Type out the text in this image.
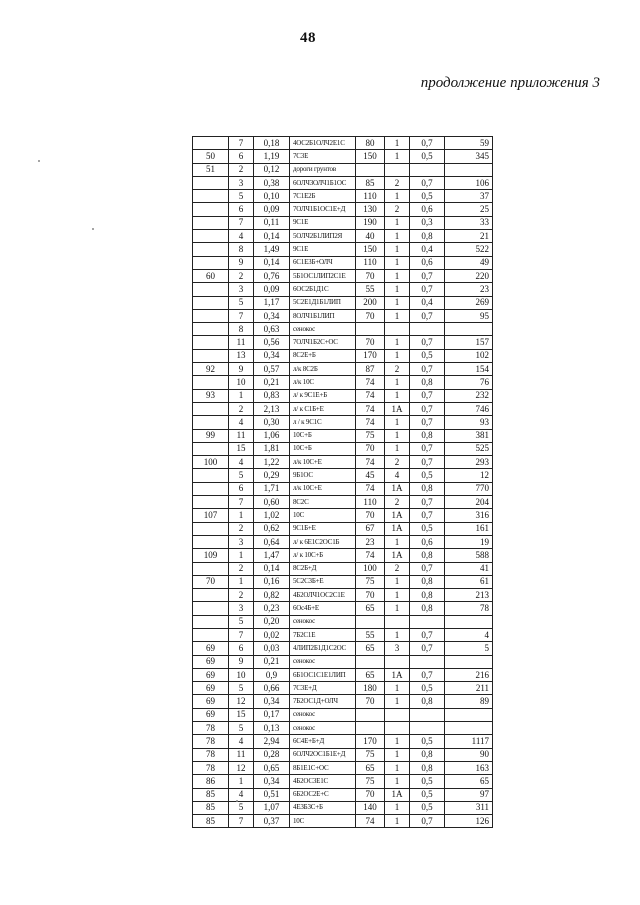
48
продолжение приложения 3
	7	0,18	4ОС2Б1ОЛЧ2Е1С	80	1	0,7	59
50	6	1,19	7С3Е	150	1	0,5	345
51	2	0,12	дороги грунтов				
	3	0,38	6ОЛЧ3ОЛЧ1Б1ОС	85	2	0,7	106
	5	0,10	7С1Е2Б	110	1	0,5	37
	6	0,09	7ОЛЧ1Б1ОС1Е+Д	130	2	0,6	25
	7	0,11	9С1Е	190	1	0,3	33
	4	0,14	5ОЛЧ2Б1ЛИП2Я	40	1	0,8	21
	8	1,49	9С1Е	150	1	0,4	522
	9	0,14	6С1Е3Б+ОЛЧ	110	1	0,6	49
60	2	0,76	5Б1ОС1ЛИП2С1Е	70	1	0,7	220
	3	0,09	6ОС2Б1Д1С	55	1	0,7	23
	5	1,17	5С2Е1Д1Б1ЛИП	200	1	0,4	269
	7	0,34	8ОЛЧ1Б1ЛИП	70	1	0,7	95
	8	0,63	сенокос				
	11	0,56	7ОЛЧ1Б2С+ОС	70	1	0,7	157
	13	0,34	8С2Е+Б	170	1	0,5	102
92	9	0,57	л/к 8С2Б	87	2	0,7	154
	10	0,21	л/к 10С	74	1	0,8	76
93	1	0,83	л/ к 9С1Е+Б	74	1	0,7	232
	2	2,13	л/ к С1Б+Е	74	1А	0,7	746
	4	0,30	л / к 9С1С	74	1	0,7	93
99	11	1,06	10С+Б	75	1	0,8	381
	15	1,81	10С+Б	70	1	0,7	525
100	4	1,22	л/к 10С+Е	74	2	0,7	293
	5	0,29	9Б1ОС	45	4	0,5	12
	6	1,71	л/к 10С+Е	74	1А	0,8	770
	7	0,60	8С2С	110	2	0,7	204
107	1	1,02	10С	70	1А	0,7	316
	2	0,62	9С1Б+Е	67	1А	0,5	161
	3	0,64	л/ к 6Е1С2ОС1Б	23	1	0,6	19
109	1	1,47	л/ к 10С+Б	74	1А	0,8	588
	2	0,14	8С2Б+Д	100	2	0,7	41
70	1	0,16	5С2С3Б+Е	75	1	0,8	61
	2	0,82	4Б2ОЛЧ1ОС2С1Е	70	1	0,8	213
	3	0,23	6Ос4Б+Е	65	1	0,8	78
	5	0,20	сенокос				
	7	0,02	7Б2С1Е	55	1	0,7	4
69	6	0,03	4ЛИП2Б1Д1С2ОС	65	3	0,7	5
69	9	0,21	сенокос				
69	10	0,9	6Б1ОС1С1Е1ЛИП	65	1А	0,7	216
69	5	0,66	7С3Е+Д	180	1	0,5	211
69	12	0,34	7Б2ОС1Д+ОЛЧ	70	1	0,8	89
69	15	0,17	сенокос				
78	5	0,13	сенокос				
78	4	2,94	6С4Е+Б+Д	170	1	0,5	1117
78	11	0,28	6ОЛЧ2ОС1Б1Е+Д	75	1	0,8	90
78	12	0,65	8Б1Е1С+ОС	65	1	0,8	163
86	1	0,34	4Б2ОС3Е1С	75	1	0,5	65
85	4	0,51	6Б2ОС2Е+С	70	1А	0,5	97
85	5	1,07	4Е3Б3С+Б	140	1	0,5	311
85	7	0,37	10С	74	1	0,7	126
